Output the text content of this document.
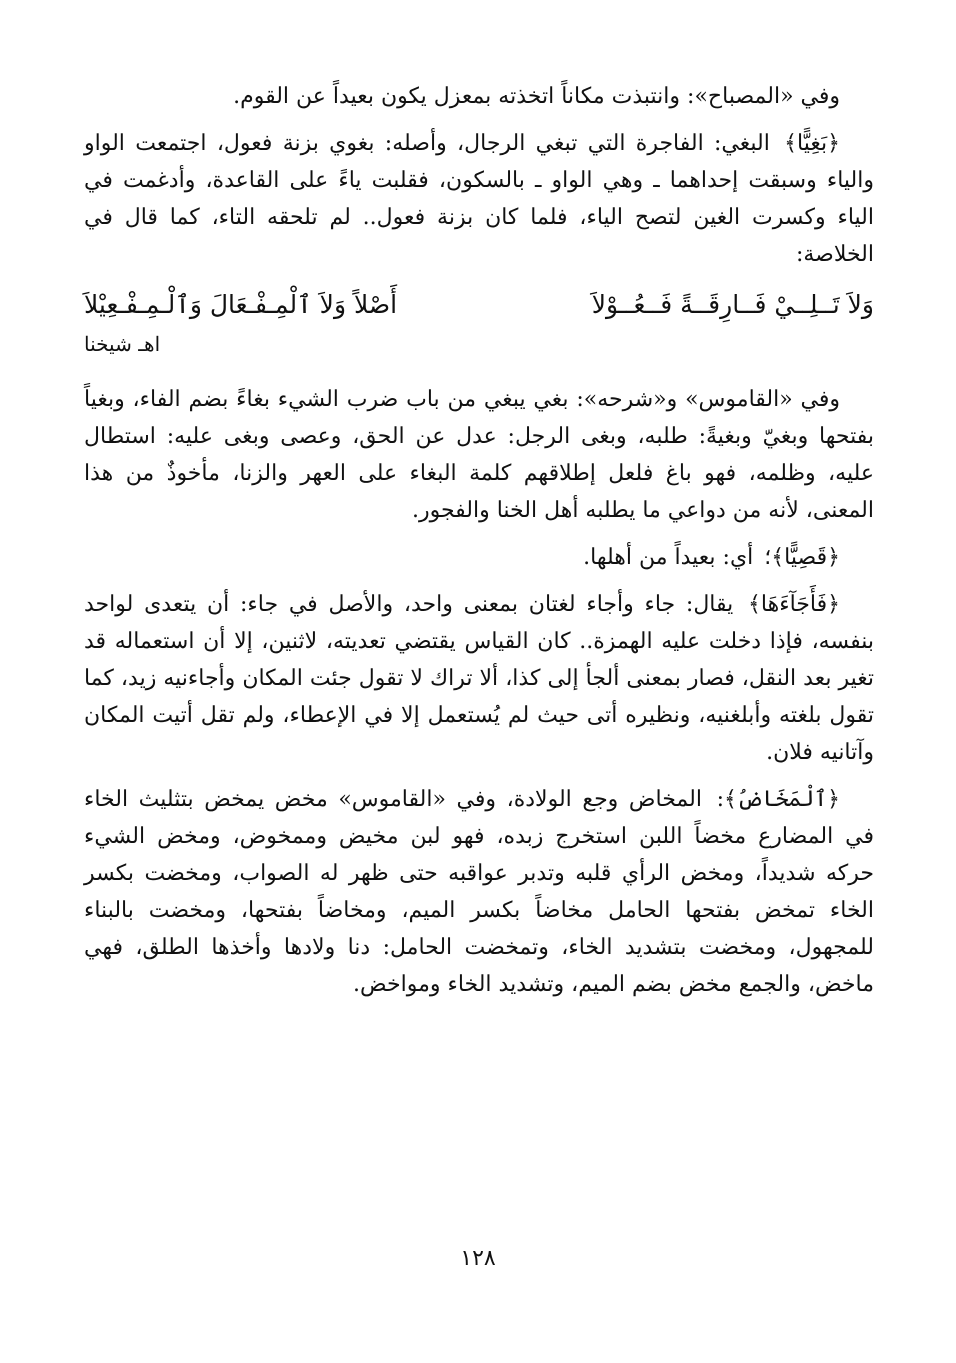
وفي «المصباح»: وانتبذت مكاناً اتخذته بمعزل يكون بعيداً عن القوم.

﴿بَغِيًّا﴾ البغي: الفاجرة التي تبغي الرجال، وأصله: بغوي بزنة فعول، اجتمعت الواو والياء وسبقت إحداهما ـ وهي الواو ـ بالسكون، فقلبت ياءً على القاعدة، وأدغمت في الياء وكسرت الغين لتصح الياء، فلما كان بزنة فعول.. لم تلحقه التاء، كما قال في الخلاصة:

وَلاَ تَــلِــيْ فَــارِقَــةً فَــعُــوْلاَ
أَصْلاً وَلاَ ٱلْمِـفْـعَالَ وَٱلْـمِـفْـعِيْلاَ
اهـ شيخنا

وفي «القاموس» و«شرحه»: بغي يبغي من باب ضرب الشيء بغاءً بضم الفاء، وبغياً بفتحها وبغيّ وبغيةً: طلبه، وبغى الرجل: عدل عن الحق، وعصى وبغى عليه: استطال عليه، وظلمه، فهو باغ فلعل إطلاقهم كلمة البغاء على العهر والزنا، مأخوذٌ من هذا المعنى، لأنه من دواعي ما يطلبه أهل الخنا والفجور.

﴿قَصِيًّا﴾؛ أي: بعيداً من أهلها.

﴿فَأَجَآءَهَا﴾ يقال: جاء وأجاء لغتان بمعنى واحد، والأصل في جاء: أن يتعدى لواحد بنفسه، فإذا دخلت عليه الهمزة.. كان القياس يقتضي تعديته، لاثنين، إلا أن استعماله قد تغير بعد النقل، فصار بمعنى ألجأ إلى كذا، ألا تراك لا تقول جئت المكان وأجاءنيه زيد، كما تقول بلغته وأبلغنيه، ونظيره أتى حيث لم يُستعمل إلا في الإعطاء، ولم تقل أتيت المكان وآتانيه فلان.

﴿ٱلْمَخَاضُ﴾: المخاض وجع الولادة، وفي «القاموس» مخض يمخض بتثليث الخاء في المضارع مخضاً اللبن استخرج زبده، فهو لبن مخيض وممخوض، ومخض الشيء حركه شديداً، ومخض الرأي قلبه وتدبر عواقبه حتى ظهر له الصواب، ومخضت بكسر الخاء تمخض بفتحها الحامل مخاضاً بكسر الميم، ومخاضاً بفتحها، ومخضت بالبناء للمجهول، ومخضت بتشديد الخاء، وتمخضت الحامل: دنا ولادها وأخذها الطلق، فهي ماخض، والجمع مخض بضم الميم، وتشديد الخاء ومواخض.

١٢٨
